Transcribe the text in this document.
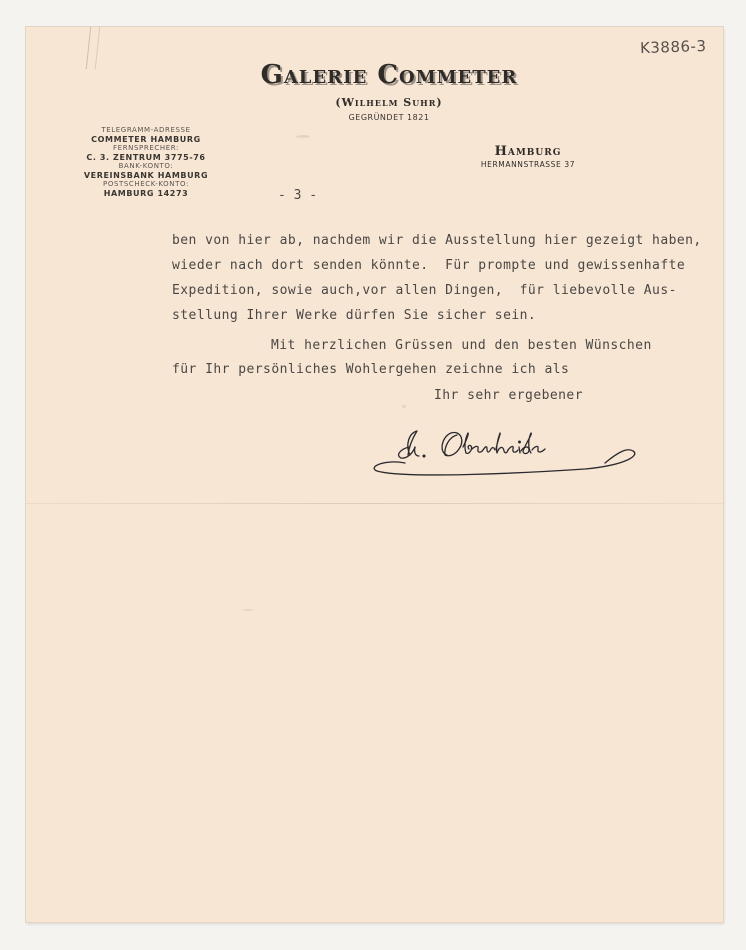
K3886-3
Galerie Commeter
(Wilhelm Suhr)
GEGRÜNDET 1821
TELEGRAMM-ADRESSE
COMMETER HAMBURG
FERNSPRECHER:
C. 3. ZENTRUM 3775-76
BANK-KONTO:
VEREINSBANK HAMBURG
POSTSCHECK-KONTO:
HAMBURG 14273
Hamburg
HERMANNSTRASSE 37
- 3 -
ben von hier ab, nachdem wir die Ausstellung hier gezeigt haben,
wieder nach dort senden könnte.  Für prompte und gewissenhafte
Expedition, sowie auch,vor allen Dingen,  für liebevolle Aus-
stellung Ihrer Werke dürfen Sie sicher sein.
Mit herzlichen Grüssen und den besten Wünschen
für Ihr persönliches Wohlergehen zeichne ich als
Ihr sehr ergebener
